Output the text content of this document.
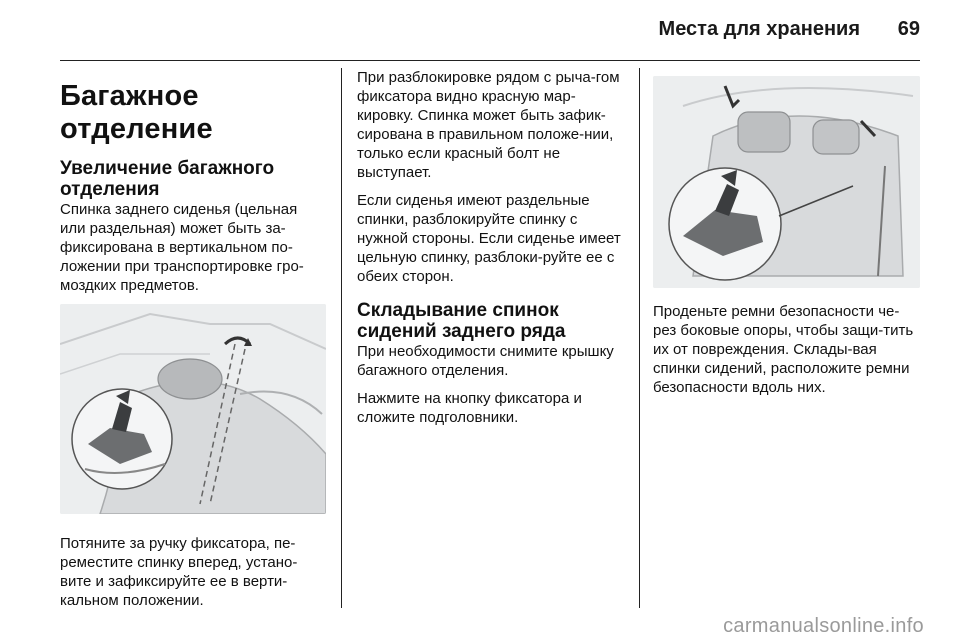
Места для хранения 69
Багажное отделение
Увеличение багажного отделения

Спинка заднего сиденья (цельная или раздельная) может быть за-фиксирована в вертикальном по-ложении при транспортировке гро-моздких предметов.

Потяните за ручку фиксатора, пе-реместите спинку вперед, устано-вите и зафиксируйте ее в верти-кальном положении.

При разблокировке рядом с рыча-гом фиксатора видно красную мар-кировку. Спинка может быть зафик-сирована в правильном положе-нии, только если красный болт не выступает.

Если сиденья имеют раздельные спинки, разблокируйте спинку с нужной стороны. Если сиденье имеет цельную спинку, разблоки-руйте ее с обеих сторон.

Складывание спинок сидений заднего ряда

При необходимости снимите крышку багажного отделения.

Нажмите на кнопку фиксатора и сложите подголовники.

Проденьте ремни безопасности че-рез боковые опоры, чтобы защи-тить их от повреждения. Склады-вая спинки сидений, расположите ремни безопасности вдоль них.

carmanualsonline.info
